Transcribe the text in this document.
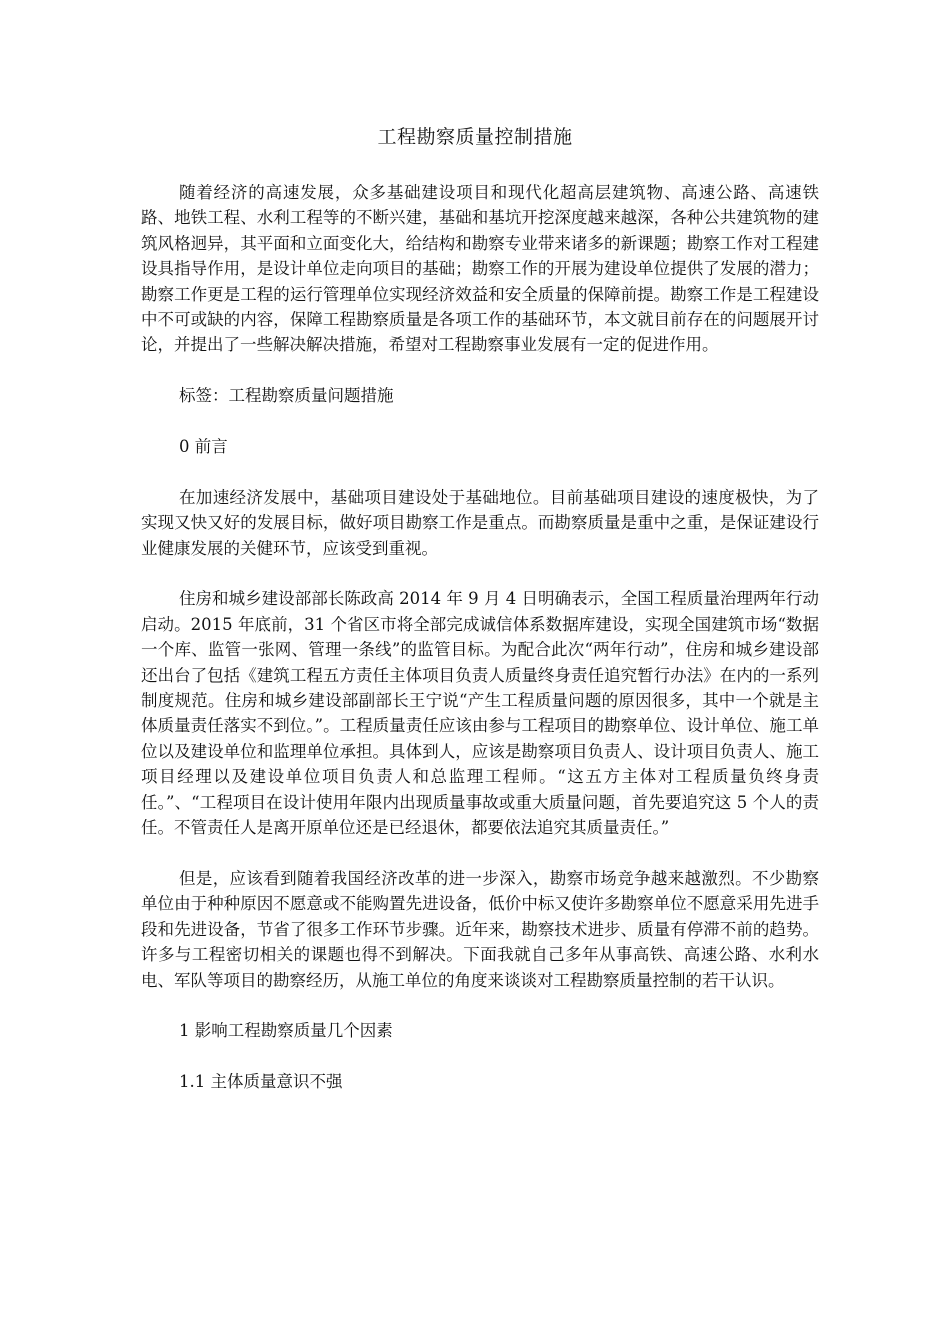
工程勘察质量控制措施

随着经济的高速发展，众多基础建设项目和现代化超高层建筑物、高速公路、高速铁路、地铁工程、水利工程等的不断兴建，基础和基坑开挖深度越来越深，各种公共建筑物的建筑风格迥异，其平面和立面变化大，给结构和勘察专业带来诸多的新课题；勘察工作对工程建设具指导作用，是设计单位走向项目的基础；勘察工作的开展为建设单位提供了发展的潜力；勘察工作更是工程的运行管理单位实现经济效益和安全质量的保障前提。勘察工作是工程建设中不可或缺的内容，保障工程勘察质量是各项工作的基础环节，本文就目前存在的问题展开讨论，并提出了一些解决解决措施，希望对工程勘察事业发展有一定的促进作用。

标签：工程勘察质量问题措施

0 前言

在加速经济发展中，基础项目建设处于基础地位。目前基础项目建设的速度极快，为了实现又快又好的发展目标，做好项目勘察工作是重点。而勘察质量是重中之重，是保证建设行业健康发展的关健环节，应该受到重视。

住房和城乡建设部部长陈政高 2014 年 9 月 4 日明确表示，全国工程质量治理两年行动启动。2015 年底前，31 个省区市将全部完成诚信体系数据库建设，实现全国建筑市场“数据一个库、监管一张网、管理一条线”的监管目标。为配合此次“两年行动”，住房和城乡建设部还出台了包括《建筑工程五方责任主体项目负责人质量终身责任追究暂行办法》在内的一系列制度规范。住房和城乡建设部副部长王宁说“产生工程质量问题的原因很多，其中一个就是主体质量责任落实不到位。”。工程质量责任应该由参与工程项目的勘察单位、设计单位、施工单位以及建设单位和监理单位承担。具体到人，应该是勘察项目负责人、设计项目负责人、施工项目经理以及建设单位项目负责人和总监理工程师。“这五方主体对工程质量负终身责任。”、“工程项目在设计使用年限内出现质量事故或重大质量问题，首先要追究这 5 个人的责任。不管责任人是离开原单位还是已经退休，都要依法追究其质量责任。”

但是，应该看到随着我国经济改革的进一步深入，勘察市场竞争越来越激烈。不少勘察单位由于种种原因不愿意或不能购置先进设备，低价中标又使许多勘察单位不愿意采用先进手段和先进设备，节省了很多工作环节步骤。近年来，勘察技术进步、质量有停滞不前的趋势。许多与工程密切相关的课题也得不到解决。下面我就自己多年从事高铁、高速公路、水利水电、军队等项目的勘察经历，从施工单位的角度来谈谈对工程勘察质量控制的若干认识。

1 影响工程勘察质量几个因素

1.1 主体质量意识不强
